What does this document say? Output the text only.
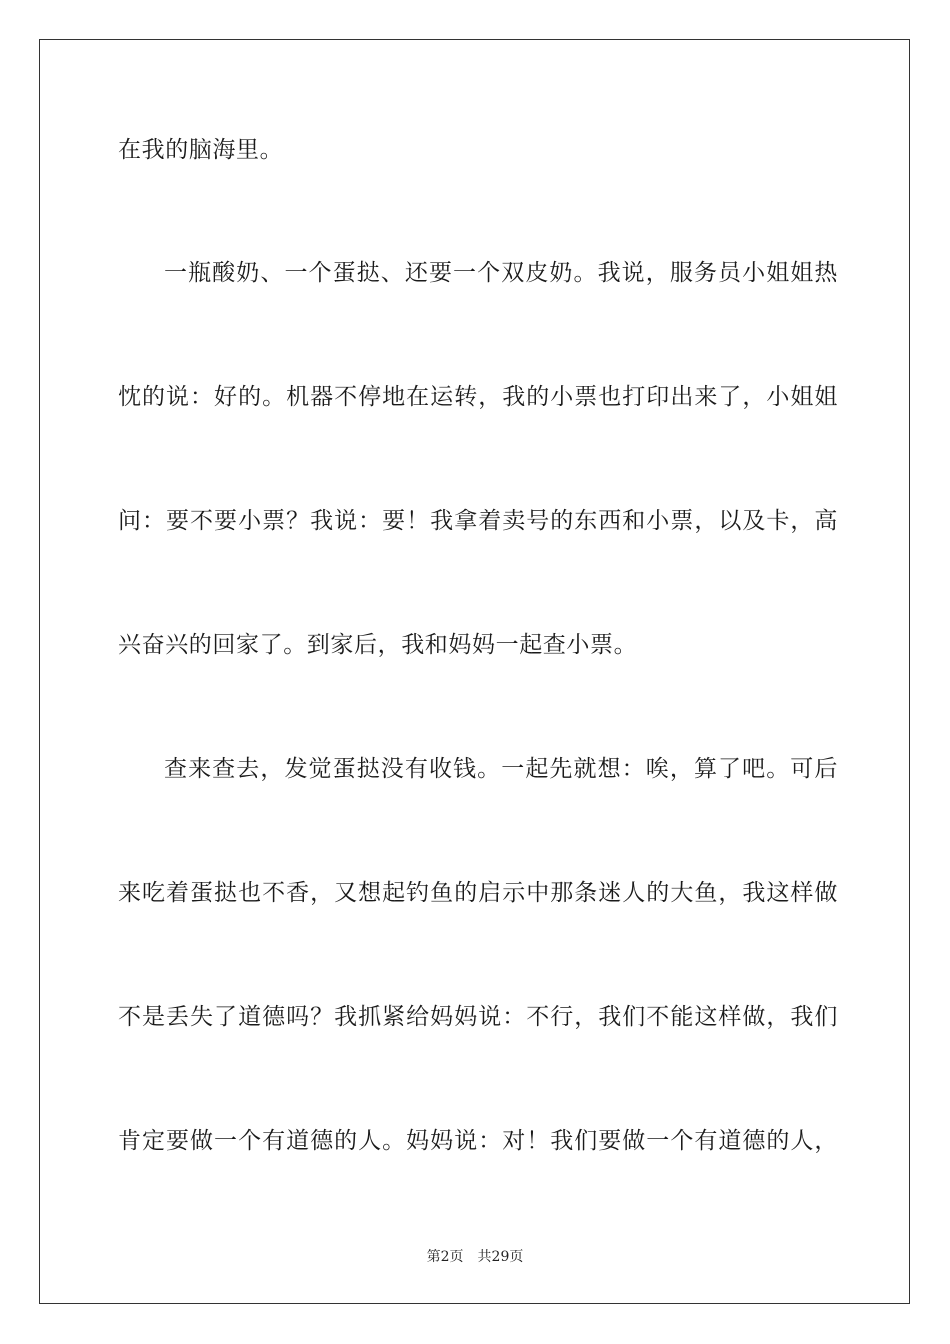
在我的脑海里。
一瓶酸奶、一个蛋挞、还要一个双皮奶。我说，服务员小姐姐热
忱的说：好的。机器不停地在运转，我的小票也打印出来了，小姐姐
问：要不要小票？我说：要！我拿着卖号的东西和小票，以及卡，高
兴奋兴的回家了。到家后，我和妈妈一起查小票。
查来查去，发觉蛋挞没有收钱。一起先就想：唉，算了吧。可后
来吃着蛋挞也不香，又想起钓鱼的启示中那条迷人的大鱼，我这样做
不是丢失了道德吗？我抓紧给妈妈说：不行，我们不能这样做，我们
肯定要做一个有道德的人。妈妈说：对！我们要做一个有道德的人，
第2页 共29页
